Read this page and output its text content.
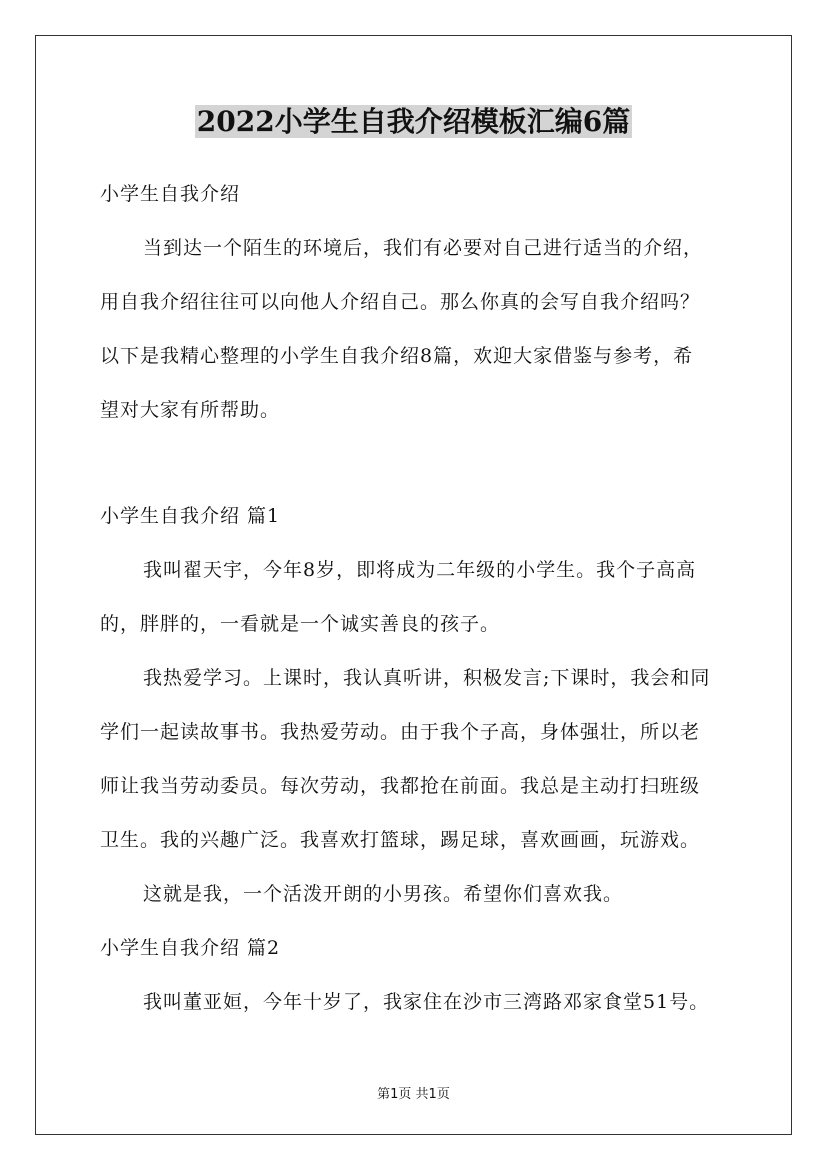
2022小学生自我介绍模板汇编6篇
小学生自我介绍
当到达一个陌生的环境后，我们有必要对自己进行适当的介绍，
用自我介绍往往可以向他人介绍自己。那么你真的会写自我介绍吗？
以下是我精心整理的小学生自我介绍8篇，欢迎大家借鉴与参考，希
望对大家有所帮助。
小学生自我介绍 篇1
我叫翟天宇，今年8岁，即将成为二年级的小学生。我个子高高
的，胖胖的，一看就是一个诚实善良的孩子。
我热爱学习。上课时，我认真听讲，积极发言;下课时，我会和同
学们一起读故事书。我热爱劳动。由于我个子高，身体强壮，所以老
师让我当劳动委员。每次劳动，我都抢在前面。我总是主动打扫班级
卫生。我的兴趣广泛。我喜欢打篮球，踢足球，喜欢画画，玩游戏。
这就是我，一个活泼开朗的小男孩。希望你们喜欢我。
小学生自我介绍 篇2
我叫董亚姮，今年十岁了，我家住在沙市三湾路邓家食堂51号。
第1页 共1页
